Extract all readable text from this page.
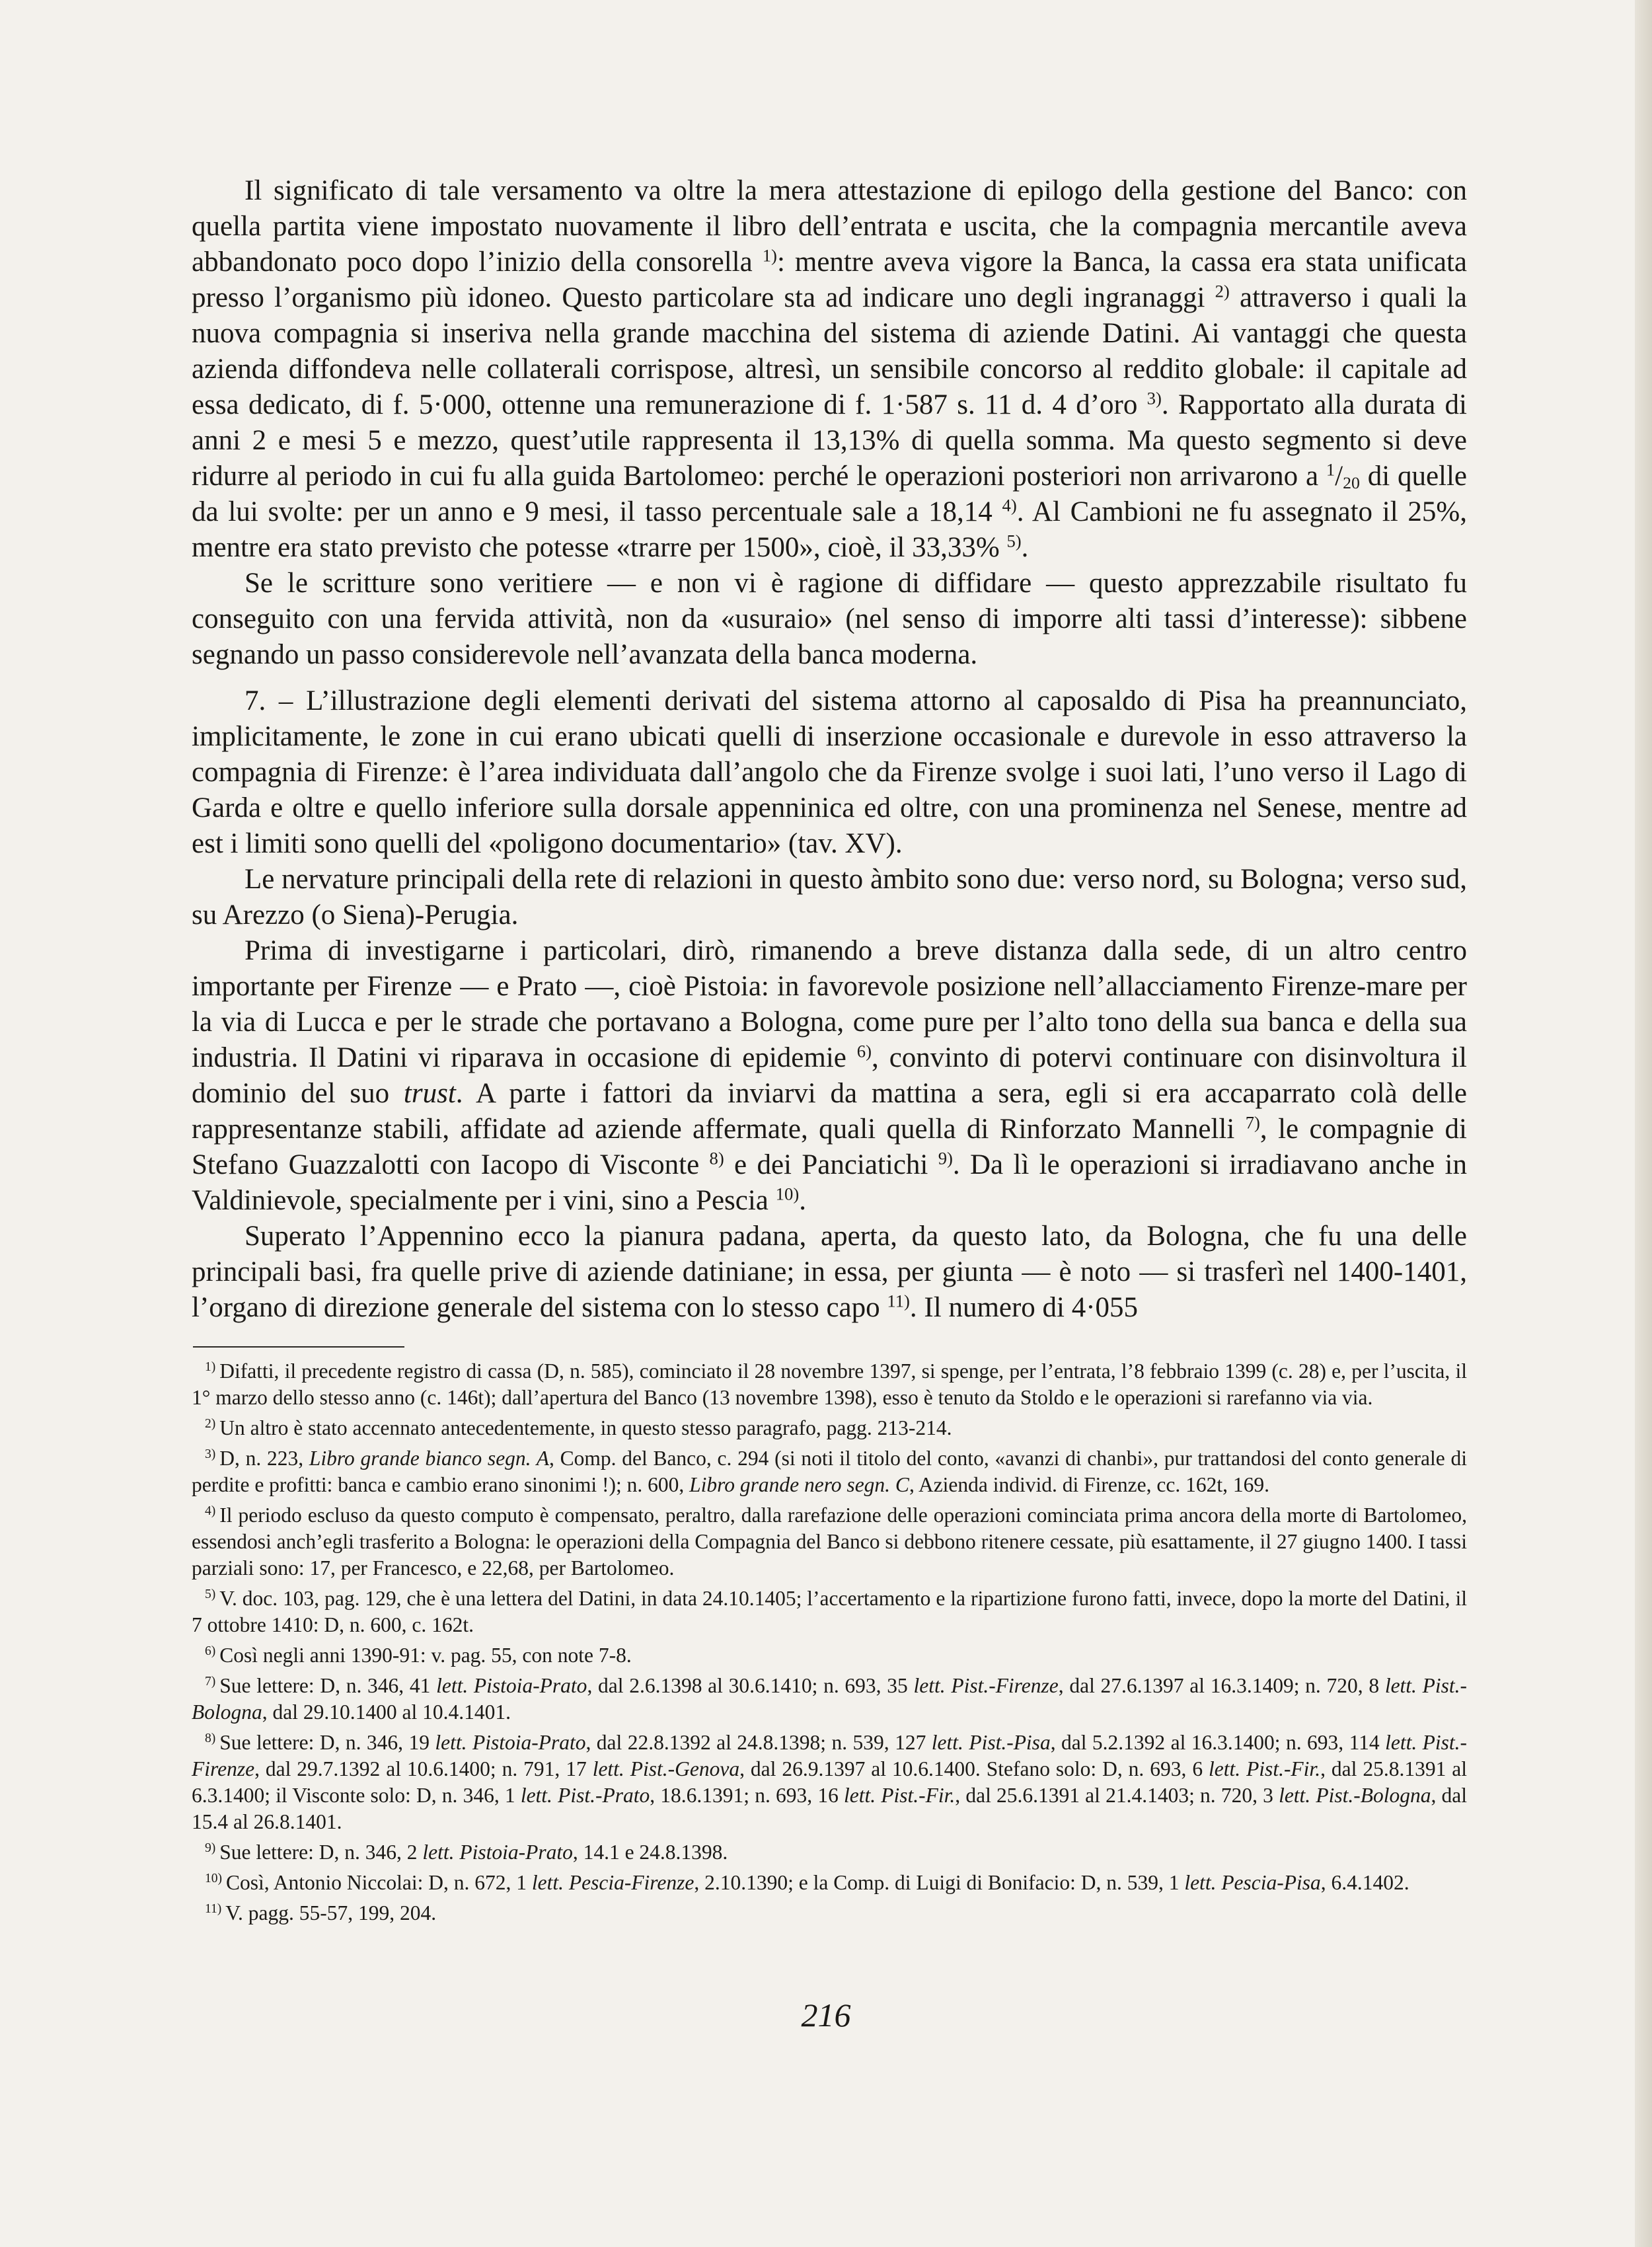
Il significato di tale versamento va oltre la mera attestazione di epilogo della gestione del Banco: con quella partita viene impostato nuovamente il libro dell’entrata e uscita, che la compagnia mercantile aveva abbandonato poco dopo l’inizio della consorella $^{1)}$: mentre aveva vigore la Banca, la cassa era stata unificata presso l’organismo più idoneo. Questo particolare sta ad indicare uno degli ingranaggi $^{2)}$ attraverso i quali la nuova compagnia si inseriva nella grande macchina del sistema di aziende Datini. Ai vantaggi che questa azienda diffondeva nelle collaterali corrispose, altresì, un sensibile concorso al reddito globale: il capitale ad essa dedicato, di f. 5·000, ottenne una remunerazione di f. 1·587 s. 11 d. 4 d’oro $^{3)}$. Rapportato alla durata di anni 2 e mesi 5 e mezzo, quest’utile rappresenta il 13,13% di quella somma. Ma questo segmento si deve ridurre al periodo in cui fu alla guida Bartolomeo: perché le operazioni posteriori non arrivarono a $^1/_{20}$ di quelle da lui svolte: per un anno e 9 mesi, il tasso percentuale sale a 18,14 $^{4)}$. Al Cambioni ne fu assegnato il 25%, mentre era stato previsto che potesse «trarre per 1500», cioè, il 33,33% $^{5)}$.

Se le scritture sono veritiere — e non vi è ragione di diffidare — questo apprezzabile risultato fu conseguito con una fervida attività, non da «usuraio» (nel senso di imporre alti tassi d’interesse): sibbene segnando un passo considerevole nell’avanzata della banca moderna.

7. – L’illustrazione degli elementi derivati del sistema attorno al caposaldo di Pisa ha preannunciato, implicitamente, le zone in cui erano ubicati quelli di inserzione occasionale e durevole in esso attraverso la compagnia di Firenze: è l’area individuata dall’angolo che da Firenze svolge i suoi lati, l’uno verso il Lago di Garda e oltre e quello inferiore sulla dorsale appenninica ed oltre, con una prominenza nel Senese, mentre ad est i limiti sono quelli del «poligono documentario» (tav. XV).

Le nervature principali della rete di relazioni in questo àmbito sono due: verso nord, su Bologna; verso sud, su Arezzo (o Siena)-Perugia.

Prima di investigarne i particolari, dirò, rimanendo a breve distanza dalla sede, di un altro centro importante per Firenze — e Prato —, cioè Pistoia: in favorevole posizione nell’allacciamento Firenze-mare per la via di Lucca e per le strade che portavano a Bologna, come pure per l’alto tono della sua banca e della sua industria. Il Datini vi riparava in occasione di epidemie $^{6)}$, convinto di potervi continuare con disinvoltura il dominio del suo trust. A parte i fattori da inviarvi da mattina a sera, egli si era accaparrato colà delle rappresentanze stabili, affidate ad aziende affermate, quali quella di Rinforzato Mannelli $^{7)}$, le compagnie di Stefano Guazzalotti con Iacopo di Visconte $^{8)}$ e dei Panciatichi $^{9)}$. Da lì le operazioni si irradiavano anche in Valdinievole, specialmente per i vini, sino a Pescia $^{10)}$.

Superato l’Appennino ecco la pianura padana, aperta, da questo lato, da Bologna, che fu una delle principali basi, fra quelle prive di aziende datiniane; in essa, per giunta — è noto — si trasferì nel 1400-1401, l’organo di direzione generale del sistema con lo stesso capo $^{11)}$. Il numero di 4·055

$^{1)}$ Difatti, il precedente registro di cassa (D, n. 585), cominciato il 28 novembre 1397, si spenge, per l’entrata, l’8 febbraio 1399 (c. 28) e, per l’uscita, il 1° marzo dello stesso anno (c. 146t); dall’apertura del Banco (13 novembre 1398), esso è tenuto da Stoldo e le operazioni si rarefanno via via.

$^{2)}$ Un altro è stato accennato antecedentemente, in questo stesso paragrafo, pagg. 213-214.

$^{3)}$ D, n. 223, Libro grande bianco segn. A, Comp. del Banco, c. 294 (si noti il titolo del conto, «avanzi di chanbi», pur trattandosi del conto generale di perdite e profitti: banca e cambio erano sinonimi !); n. 600, Libro grande nero segn. C, Azienda individ. di Firenze, cc. 162t, 169.

$^{4)}$ Il periodo escluso da questo computo è compensato, peraltro, dalla rarefazione delle operazioni cominciata prima ancora della morte di Bartolomeo, essendosi anch’egli trasferito a Bologna: le operazioni della Compagnia del Banco si debbono ritenere cessate, più esattamente, il 27 giugno 1400. I tassi parziali sono: 17, per Francesco, e 22,68, per Bartolomeo.

$^{5)}$ V. doc. 103, pag. 129, che è una lettera del Datini, in data 24.10.1405; l’accertamento e la ripartizione furono fatti, invece, dopo la morte del Datini, il 7 ottobre 1410: D, n. 600, c. 162t.

$^{6)}$ Così negli anni 1390-91: v. pag. 55, con note 7-8.

$^{7)}$ Sue lettere: D, n. 346, 41 lett. Pistoia-Prato, dal 2.6.1398 al 30.6.1410; n. 693, 35 lett. Pist.-Firenze, dal 27.6.1397 al 16.3.1409; n. 720, 8 lett. Pist.-Bologna, dal 29.10.1400 al 10.4.1401.

$^{8)}$ Sue lettere: D, n. 346, 19 lett. Pistoia-Prato, dal 22.8.1392 al 24.8.1398; n. 539, 127 lett. Pist.-Pisa, dal 5.2.1392 al 16.3.1400; n. 693, 114 lett. Pist.-Firenze, dal 29.7.1392 al 10.6.1400; n. 791, 17 lett. Pist.-Genova, dal 26.9.1397 al 10.6.1400. Stefano solo: D, n. 693, 6 lett. Pist.-Fir., dal 25.8.1391 al 6.3.1400; il Visconte solo: D, n. 346, 1 lett. Pist.-Prato, 18.6.1391; n. 693, 16 lett. Pist.-Fir., dal 25.6.1391 al 21.4.1403; n. 720, 3 lett. Pist.-Bologna, dal 15.4 al 26.8.1401.

$^{9)}$ Sue lettere: D, n. 346, 2 lett. Pistoia-Prato, 14.1 e 24.8.1398.

$^{10)}$ Così, Antonio Niccolai: D, n. 672, 1 lett. Pescia-Firenze, 2.10.1390; e la Comp. di Luigi di Bonifacio: D, n. 539, 1 lett. Pescia-Pisa, 6.4.1402.

$^{11)}$ V. pagg. 55-57, 199, 204.

216
